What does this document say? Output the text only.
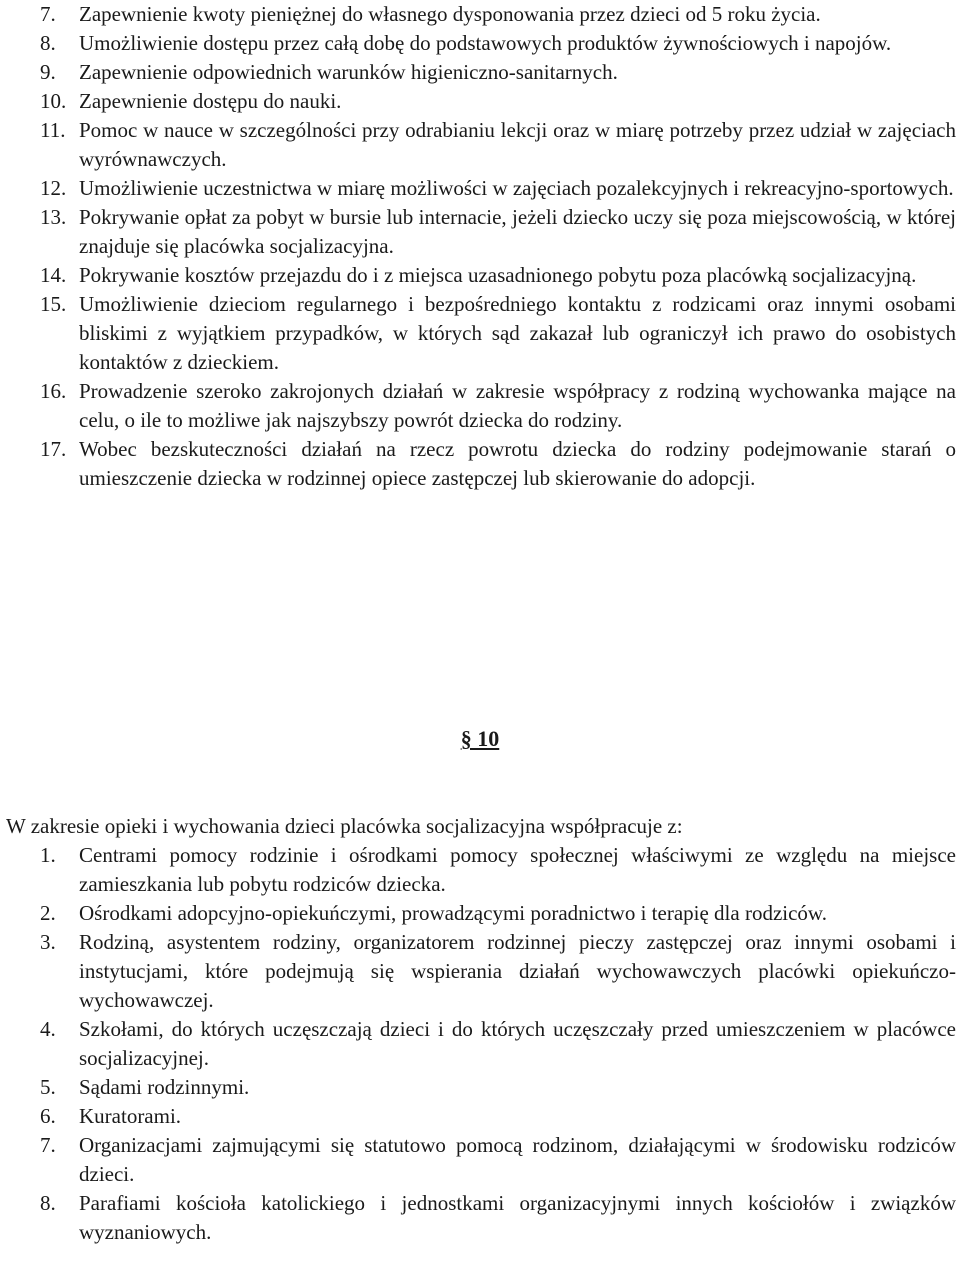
7. Zapewnienie kwoty pieniężnej do własnego dysponowania przez dzieci od 5 roku życia.
8. Umożliwienie dostępu przez całą dobę do podstawowych produktów żywnościowych i napojów.
9. Zapewnienie odpowiednich warunków higieniczno-sanitarnych.
10. Zapewnienie dostępu do nauki.
11. Pomoc w nauce w szczególności przy odrabianiu lekcji oraz w miarę potrzeby przez udział w zajęciach wyrównawczych.
12. Umożliwienie uczestnictwa w miarę możliwości w zajęciach pozalekcyjnych i rekreacyjno-sportowych.
13. Pokrywanie opłat za pobyt w bursie lub internacie, jeżeli dziecko uczy się poza miejscowością, w której znajduje się placówka socjalizacyjna.
14. Pokrywanie kosztów przejazdu do i z miejsca uzasadnionego pobytu poza placówką socjalizacyjną.
15. Umożliwienie dzieciom regularnego i bezpośredniego kontaktu z rodzicami oraz innymi osobami bliskimi z wyjątkiem przypadków, w których sąd zakazał lub ograniczył ich prawo do osobistych kontaktów z dzieckiem.
16. Prowadzenie szeroko zakrojonych działań w zakresie współpracy z rodziną wychowanka mające na celu, o ile to możliwe jak najszybszy powrót dziecka do rodziny.
17. Wobec bezskuteczności działań na rzecz powrotu dziecka do rodziny podejmowanie starań o umieszczenie dziecka w rodzinnej opiece zastępczej lub skierowanie do adopcji.
§ 10
W zakresie opieki i wychowania dzieci placówka socjalizacyjna współpracuje z:
1. Centrami pomocy rodzinie i ośrodkami pomocy społecznej właściwymi ze względu na miejsce zamieszkania lub pobytu rodziców dziecka.
2. Ośrodkami adopcyjno-opiekuńczymi, prowadzącymi poradnictwo i terapię dla rodziców.
3. Rodziną, asystentem rodziny, organizatorem rodzinnej pieczy zastępczej oraz innymi osobami i instytucjami, które podejmują się wspierania działań wychowawczych placówki opiekuńczo-wychowawczej.
4. Szkołami, do których uczęszczają dzieci i do których uczęszczały przed umieszczeniem w placówce socjalizacyjnej.
5. Sądami rodzinnymi.
6. Kuratorami.
7. Organizacjami zajmującymi się statutowo pomocą rodzinom, działającymi w środowisku rodziców dzieci.
8. Parafiami kościoła katolickiego i jednostkami organizacyjnymi innych kościołów i związków wyznaniowych.
